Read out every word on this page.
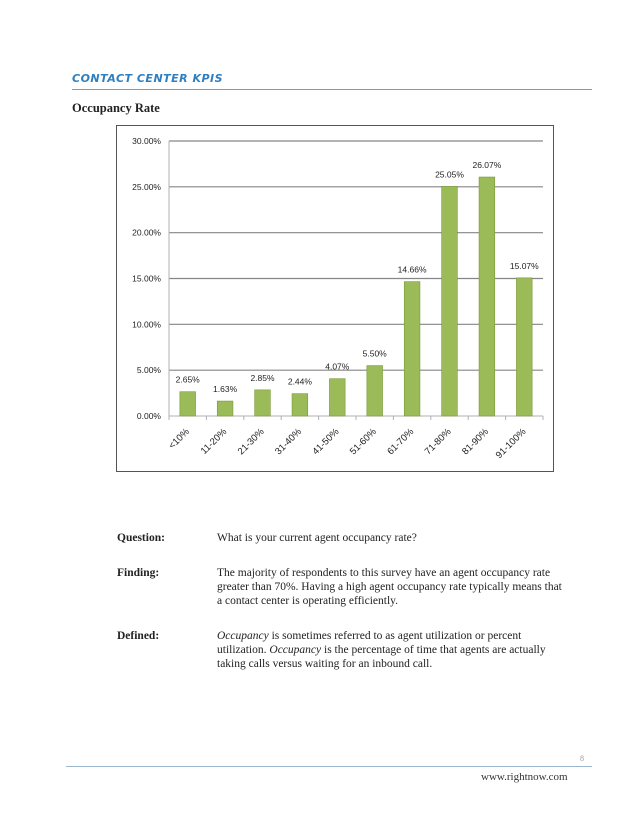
CONTACT CENTER KPIS
Occupancy Rate
0.00%
5.00%
10.00%
15.00%
20.00%
25.00%
30.00%
2.65%
<10%
1.63%
11-20%
2.85%
21-30%
2.44%
31-40%
4.07%
41-50%
5.50%
51-60%
14.66%
61-70%
25.05%
71-80%
26.07%
81-90%
15.07%
91-100%
Question:	What is your current agent occupancy rate?
Finding:	The majority of respondents to this survey have an agent occupancy rate greater than 70%. Having a high agent occupancy rate typically means that a contact center is operating efficiently.
Defined:	Occupancy is sometimes referred to as agent utilization or percent utilization. Occupancy is the percentage of time that agents are actually taking calls versus waiting for an inbound call.
8
www.rightnow.com
